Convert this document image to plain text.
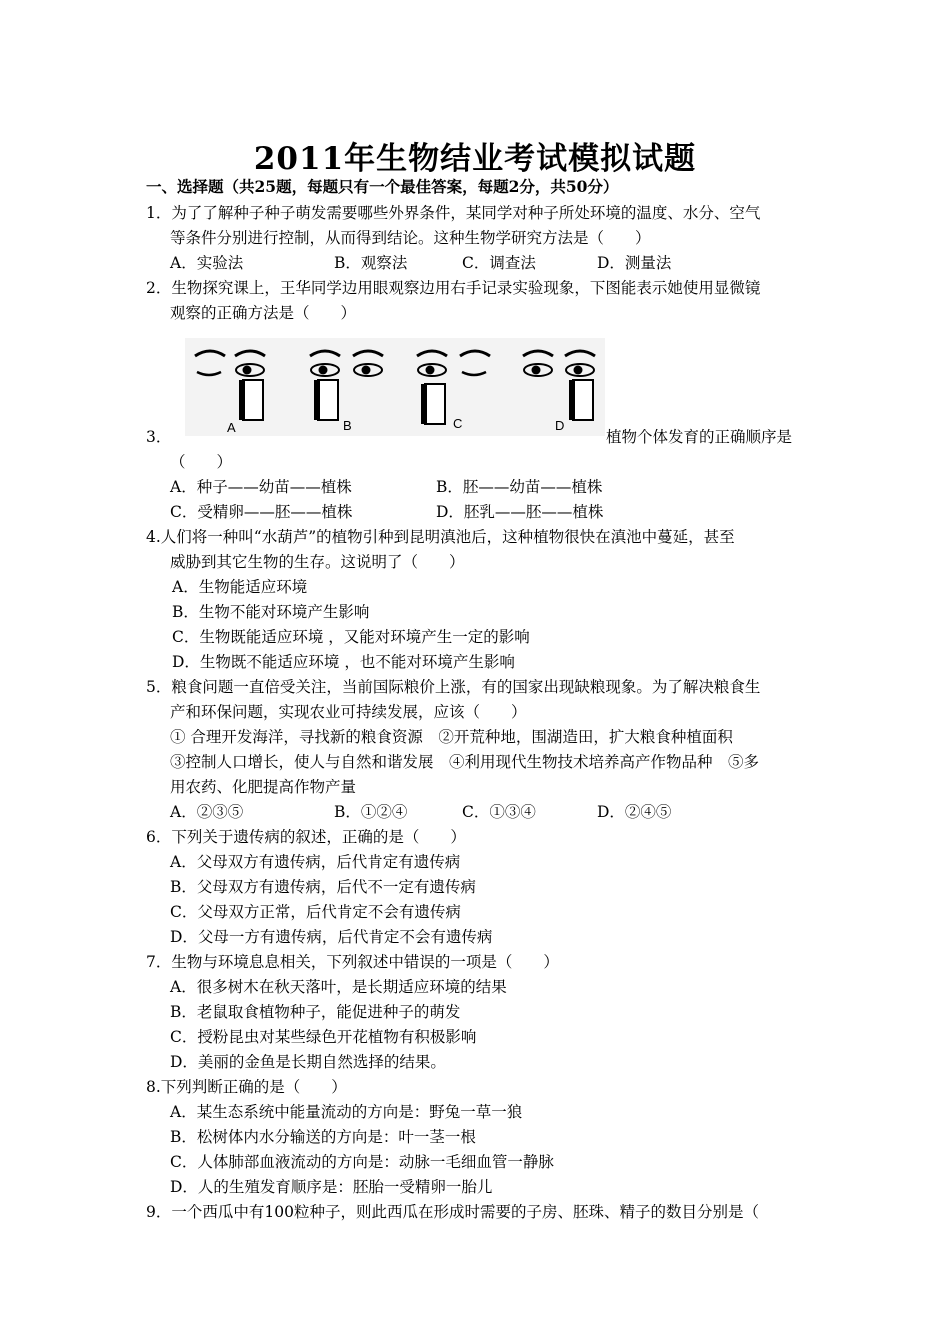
2011年生物结业考试模拟试题
一、选择题（共25题，每题只有一个最佳答案，每题2分，共50分）
1．为了了解种子种子萌发需要哪些外界条件，某同学对种子所处环境的温度、水分、空气
等条件分别进行控制，从而得到结论。这种生物学研究方法是（　　）
A．实验法	B．观察法	C．调查法	D．测量法
2．生物探究课上，王华同学边用眼观察边用右手记录实验现象，下图能表示她使用显微镜
观察的正确方法是（　　）
A	B	C	D
3．	植物个体发育的正确顺序是
（　　）
A．种子——幼苗——植株	B．胚——幼苗——植株
C．受精卵——胚——植株	D．胚乳——胚——植株
4.人们将一种叫“水葫芦”的植物引种到昆明滇池后，这种植物很快在滇池中蔓延，甚至
威胁到其它生物的生存。这说明了（　　）
A．生物能适应环境
B．生物不能对环境产生影响
C．生物既能适应环境 ，又能对环境产生一定的影响
D．生物既不能适应环境 ，也不能对环境产生影响
5．粮食问题一直倍受关注，当前国际粮价上涨，有的国家出现缺粮现象。为了解决粮食生
产和环保问题，实现农业可持续发展，应该（　　）
① 合理开发海洋，寻找新的粮食资源　②开荒种地，围湖造田，扩大粮食种植面积
③控制人口增长，使人与自然和谐发展　④利用现代生物技术培养高产作物品种　⑤多
用农药、化肥提高作物产量
A．②③⑤	B．①②④	C．①③④	D．②④⑤
6．下列关于遗传病的叙述，正确的是（　　）
A．父母双方有遗传病，后代肯定有遗传病
B．父母双方有遗传病，后代不一定有遗传病
C．父母双方正常，后代肯定不会有遗传病
D．父母一方有遗传病，后代肯定不会有遗传病
7．生物与环境息息相关，下列叙述中错误的一项是（　　）
A．很多树木在秋天落叶，是长期适应环境的结果
B．老鼠取食植物种子，能促进种子的萌发
C．授粉昆虫对某些绿色开花植物有积极影响
D．美丽的金鱼是长期自然选择的结果。
8.下列判断正确的是（　　）
A．某生态系统中能量流动的方向是：野兔一草一狼
B．松树体内水分输送的方向是：叶一茎一根
C．人体肺部血液流动的方向是：动脉一毛细血管一静脉
D．人的生殖发育顺序是：胚胎一受精卵一胎儿
9．一个西瓜中有100粒种子，则此西瓜在形成时需要的子房、胚珠、精子的数目分别是（
